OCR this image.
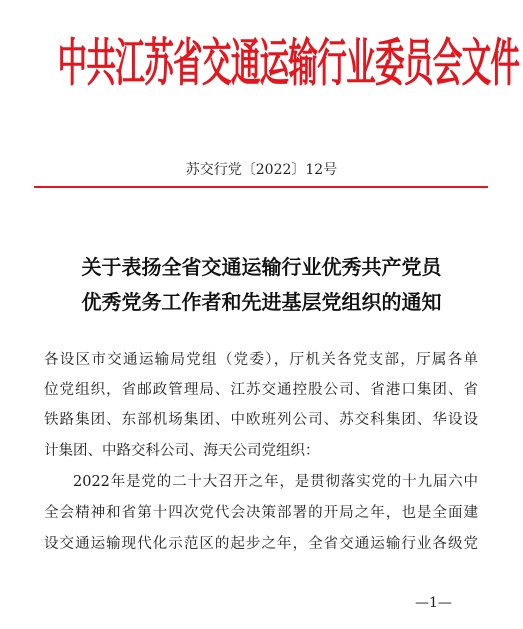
中共江苏省交通运输行业委员会文件
苏交行党〔2022〕12号
关于表扬全省交通运输行业优秀共产党员
优秀党务工作者和先进基层党组织的通知
各设区市交通运输局党组（党委），厅机关各党支部，厅属各单
位党组织，省邮政管理局、江苏交通控股公司、省港口集团、省
铁路集团、东部机场集团、中欧班列公司、苏交科集团、华设设
计集团、中路交科公司、海天公司党组织：
2022年是党的二十大召开之年，是贯彻落实党的十九届六中
全会精神和省第十四次党代会决策部署的开局之年，也是全面建
设交通运输现代化示范区的起步之年，全省交通运输行业各级党
—1—
